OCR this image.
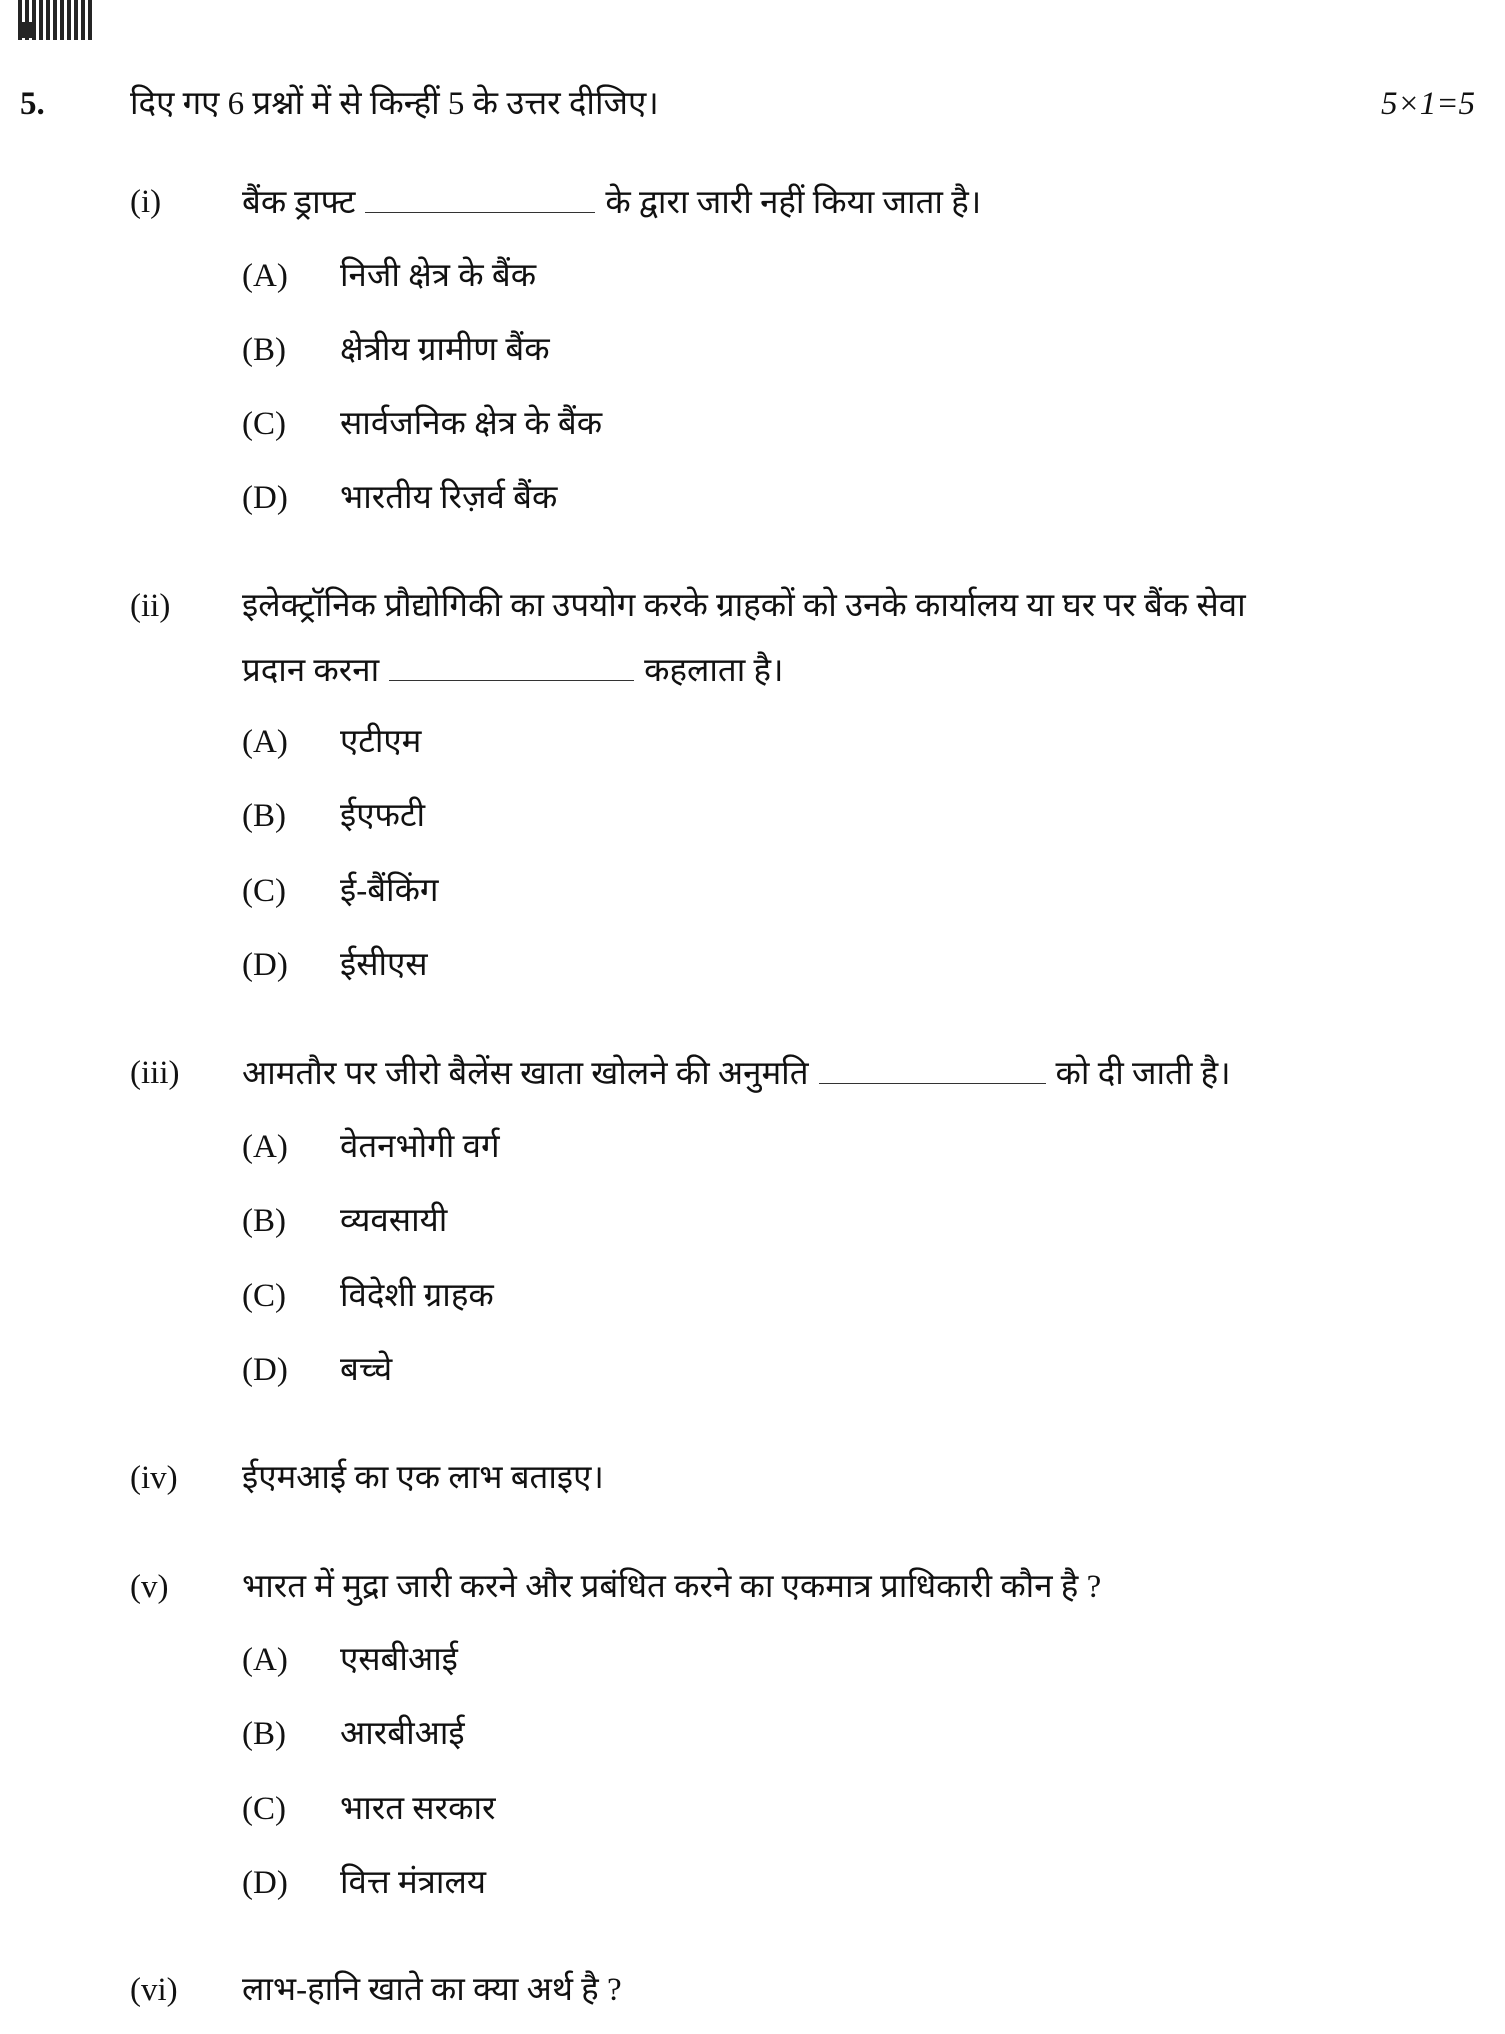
5.	दिए गए 6 प्रश्नों में से किन्हीं 5 के उत्तर दीजिए।	5×1=5
(i) बैंक ड्राफ्ट	के द्वारा जारी नहीं किया जाता है।
(A) निजी क्षेत्र के बैंक
(B) क्षेत्रीय ग्रामीण बैंक
(C) सार्वजनिक क्षेत्र के बैंक
(D) भारतीय रिज़र्व बैंक
(ii) इलेक्ट्रॉनिक प्रौद्योगिकी का उपयोग करके ग्राहकों को उनके कार्यालय या घर पर बैंक सेवा
प्रदान करना	कहलाता है।
(A) एटीएम
(B) ईएफटी
(C) ई-बैंकिंग
(D) ईसीएस
(iii) आमतौर पर जीरो बैलेंस खाता खोलने की अनुमति	को दी जाती है।
(A) वेतनभोगी वर्ग
(B) व्यवसायी
(C) विदेशी ग्राहक
(D) बच्चे
(iv) ईएमआई का एक लाभ बताइए।
(v) भारत में मुद्रा जारी करने और प्रबंधित करने का एकमात्र प्राधिकारी कौन है ?
(A) एसबीआई
(B) आरबीआई
(C) भारत सरकार
(D) वित्त मंत्रालय
(vi) लाभ-हानि खाते का क्या अर्थ है ?
